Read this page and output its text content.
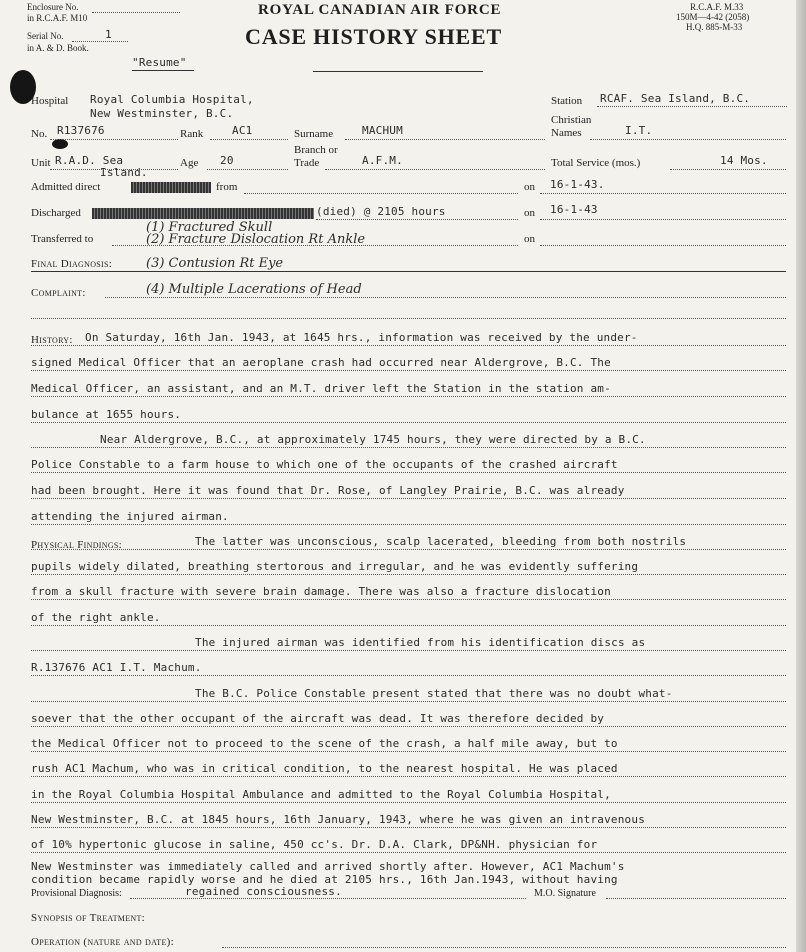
Enclosure No.
in R.C.A.F. M10
Serial No.	1
in A. & D. Book.
"Resume"
ROYAL CANADIAN AIR FORCE
CASE HISTORY SHEET
R.C.A.F. M.33
150M—4-42 (2058)
H.Q. 885-M-33
Hospital Royal Columbia Hospital,
New Westminster, B.C.
Station RCAF. Sea Island, B.C.
Christian
Names	I.T.
No. R137676	Rank	AC1	Surname	MACHUM
Branch or
Trade	A.F.M.
Unit R.A.D. Sea
Island.
Age 20	Total Service (mos.)	14 Mos.
Admitted direct	from	on 16-1-43.
Discharged	(died) @ 2105 hours	on 16-1-43
(1) Fractured Skull
Transferred to	(2) Fracture Dislocation Rt Ankle	on
Final Diagnosis:	(3) Contusion Rt Eye
Complaint:	(4) Multiple Lacerations of Head
History: On Saturday, 16th Jan. 1943, at 1645 hrs., information was received by the under-
signed Medical Officer that an aeroplane crash had occurred near Aldergrove, B.C. The
Medical Officer, an assistant, and an M.T. driver left the Station in the station am-
bulance at 1655 hours.
Near Aldergrove, B.C., at approximately 1745 hours, they were directed by a B.C.
Police Constable to a farm house to which one of the occupants of the crashed aircraft
had been brought. Here it was found that Dr. Rose, of Langley Prairie, B.C. was already
attending the injured airman.
Physical Findings:	The latter was unconscious, scalp lacerated, bleeding from both nostrils
pupils widely dilated, breathing stertorous and irregular, and he was evidently suffering
from a skull fracture with severe brain damage. There was also a fracture dislocation
of the right ankle.
The injured airman was identified from his identification discs as
R.137676 AC1 I.T. Machum.
The B.C. Police Constable present stated that there was no doubt what-
soever that the other occupant of the aircraft was dead. It was therefore decided by
the Medical Officer not to proceed to the scene of the crash, a half mile away, but to
rush AC1 Machum, who was in critical condition, to the nearest hospital. He was placed
in the Royal Columbia Hospital Ambulance and admitted to the Royal Columbia Hospital,
New Westminster, B.C. at 1845 hours, 16th January, 1943, where he was given an intravenous
of 10% hypertonic glucose in saline, 450 cc's. Dr. D.A. Clark, DP&NH. physician for
New Westminster was immediately called and arrived shortly after. However, AC1 Machum's
condition became rapidly worse and he died at 2105 hrs., 16th Jan.1943, without having
Provisional Diagnosis:	regained consciousness.	M.O. Signature
Synopsis of Treatment:
Operation (nature and date):
